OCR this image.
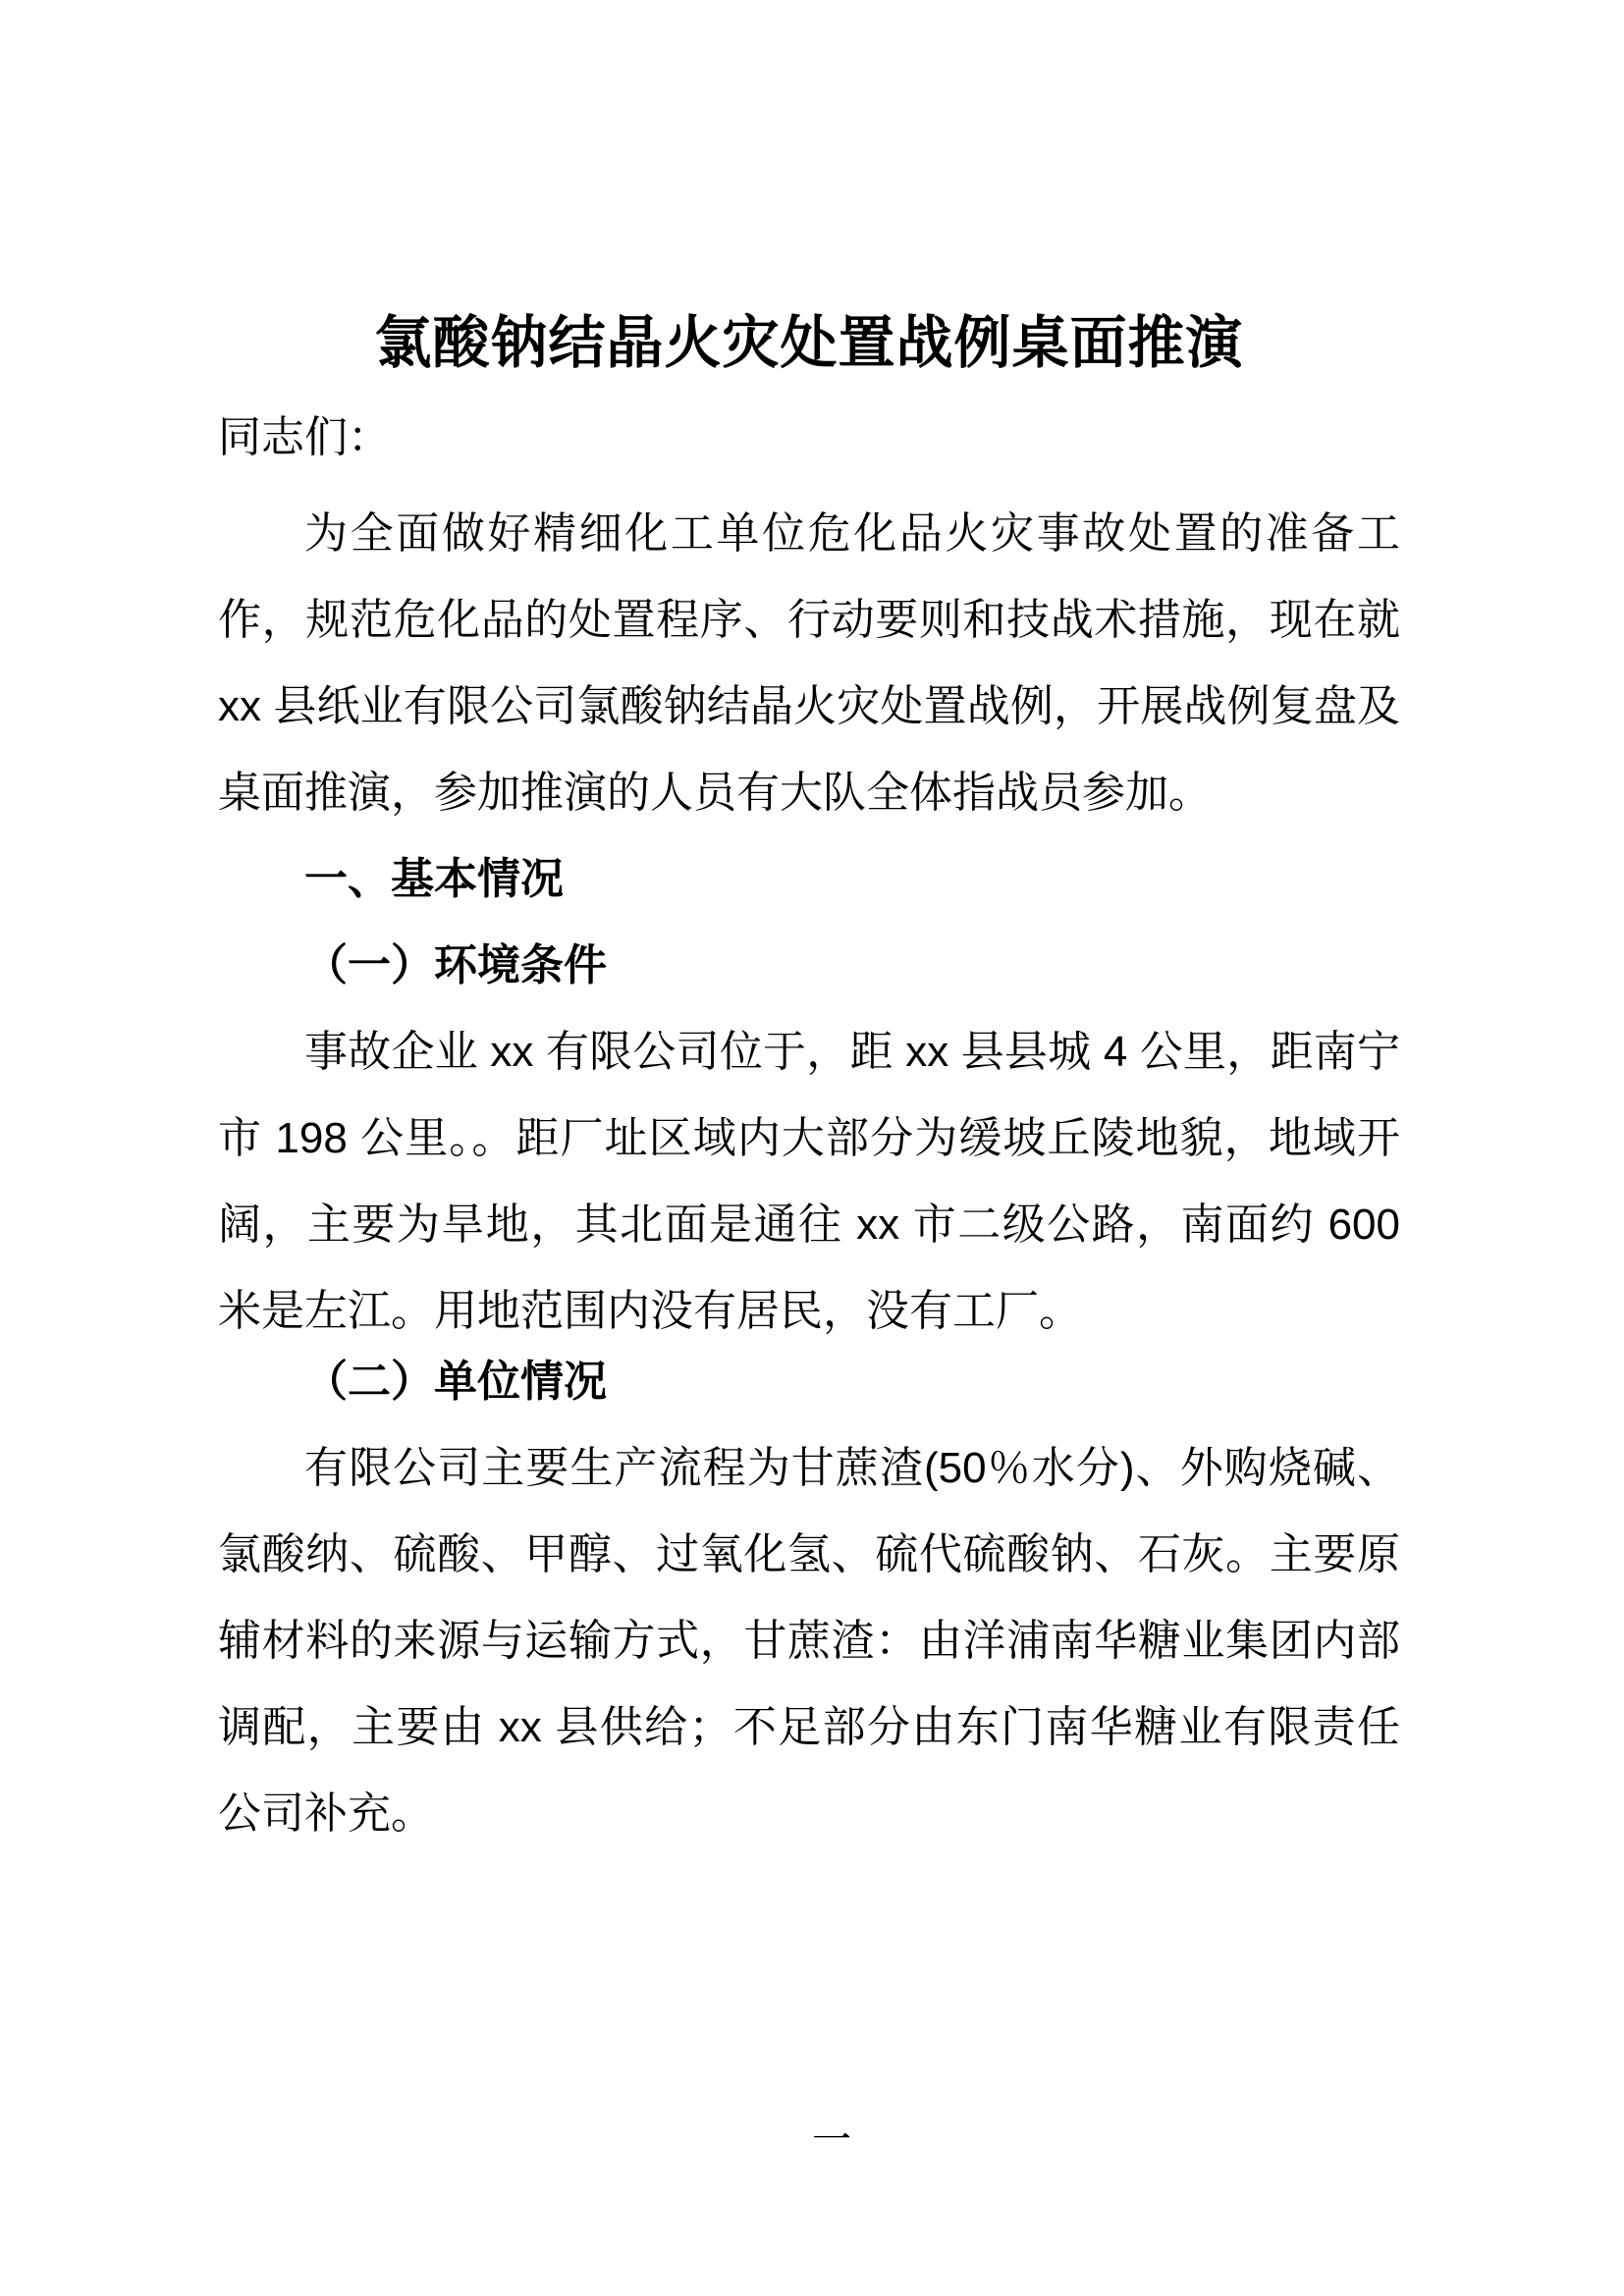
氯酸钠结晶火灾处置战例桌面推演
同志们：

为全面做好精细化工单位危化品火灾事故处置的准备工作，规范危化品的处置程序、行动要则和技战术措施，现在就 xx 县纸业有限公司氯酸钠结晶火灾处置战例，开展战例复盘及桌面推演，参加推演的人员有大队全体指战员参加。

一、基本情况
（一）环境条件

事故企业 xx 有限公司位于，距 xx 县县城 4 公里，距南宁市 198 公里。。距厂址区域内大部分为缓坡丘陵地貌，地域开阔，主要为旱地，其北面是通往 xx 市二级公路，南面约 600 米是左江。用地范围内没有居民，没有工厂。

（二）单位情况

有限公司主要生产流程为甘蔗渣(50％水分)、外购烧碱、氯酸纳、硫酸、甲醇、过氧化氢、硫代硫酸钠、石灰。主要原辅材料的来源与运输方式，甘蔗渣：由洋浦南华糖业集团内部调配，主要由 xx 县供给；不足部分由东门南华糖业有限责任公司补充。

一
